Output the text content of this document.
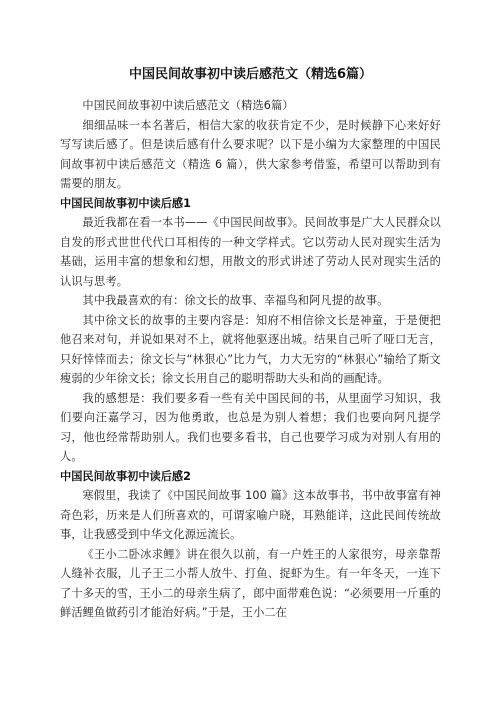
中国民间故事初中读后感范文（精选6篇）

中国民间故事初中读后感范文（精选6篇）

细细品味一本名著后，相信大家的收获肯定不少，是时候静下心来好好写写读后感了。但是读后感有什么要求呢？以下是小编为大家整理的中国民间故事初中读后感范文（精选 6 篇），供大家参考借鉴，希望可以帮助到有需要的朋友。

中国民间故事初中读后感1

最近我都在看一本书——《中国民间故事》。民间故事是广大人民群众以自发的形式世世代代口耳相传的一种文学样式。它以劳动人民对现实生活为基础，运用丰富的想象和幻想，用散文的形式讲述了劳动人民对现实生活的认识与思考。

其中我最喜欢的有：徐文长的故事、幸福鸟和阿凡提的故事。

其中徐文长的故事的主要内容是：知府不相信徐文长是神童，于是便把他召来对句，并说如果对不上，就将他驱逐出城。结果自己听了哑口无言，只好悻悻而去；徐文长与“林狠心”比力气，力大无穷的“林狠心”输给了斯文瘦弱的少年徐文长；徐文长用自己的聪明帮助大头和尚的画配诗。

我的感想是：我们要多看一些有关中国民间的书，从里面学习知识，我们要向汪嘉学习，因为他勇敢，也总是为别人着想；我们也要向阿凡提学习，他也经常帮助别人。我们也要多看书，自己也要学习成为对别人有用的人。

中国民间故事初中读后感2

寒假里，我读了《中国民间故事 100 篇》这本故事书，书中故事富有神奇色彩，历来是人们所喜欢的，可谓家喻户晓，耳熟能详，这此民间传统故事，让我感受到中华文化源远流长。

《王小二卧冰求鲤》讲在很久以前，有一户姓王的人家很穷，母亲靠帮人缝补衣服，儿子王二小帮人放牛、打鱼、捉虾为生。有一年冬天，一连下了十多天的雪，王小二的母亲生病了，郎中面带难色说：“必须要用一斤重的鲜活鲤鱼做药引才能治好病。”于是，王小二在
